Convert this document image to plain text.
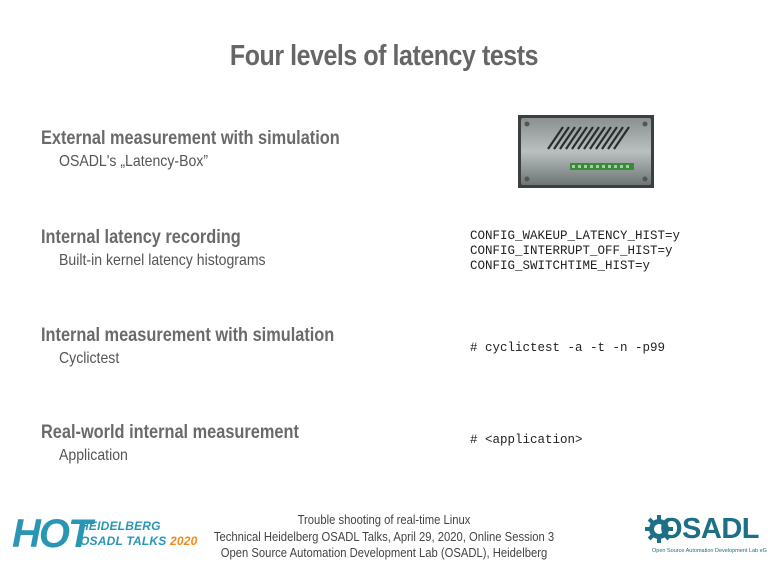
Four levels of latency tests
External measurement with simulation
OSADL's „Latency-Box”
Internal latency recording
Built-in kernel latency histograms
CONFIG_WAKEUP_LATENCY_HIST=y
CONFIG_INTERRUPT_OFF_HIST=y
CONFIG_SWITCHTIME_HIST=y
Internal measurement with simulation
Cyclictest
# cyclictest -a -t -n -p99
Real-world internal measurement
Application
# <application>
HOT
HEIDELBERG
OSADL TALKS 2020
Trouble shooting of real-time Linux
Technical Heidelberg OSADL Talks, April 29, 2020, Online Session 3
Open Source Automation Development Lab (OSADL), Heidelberg
OSADL
Open Source Automation Development Lab eG
